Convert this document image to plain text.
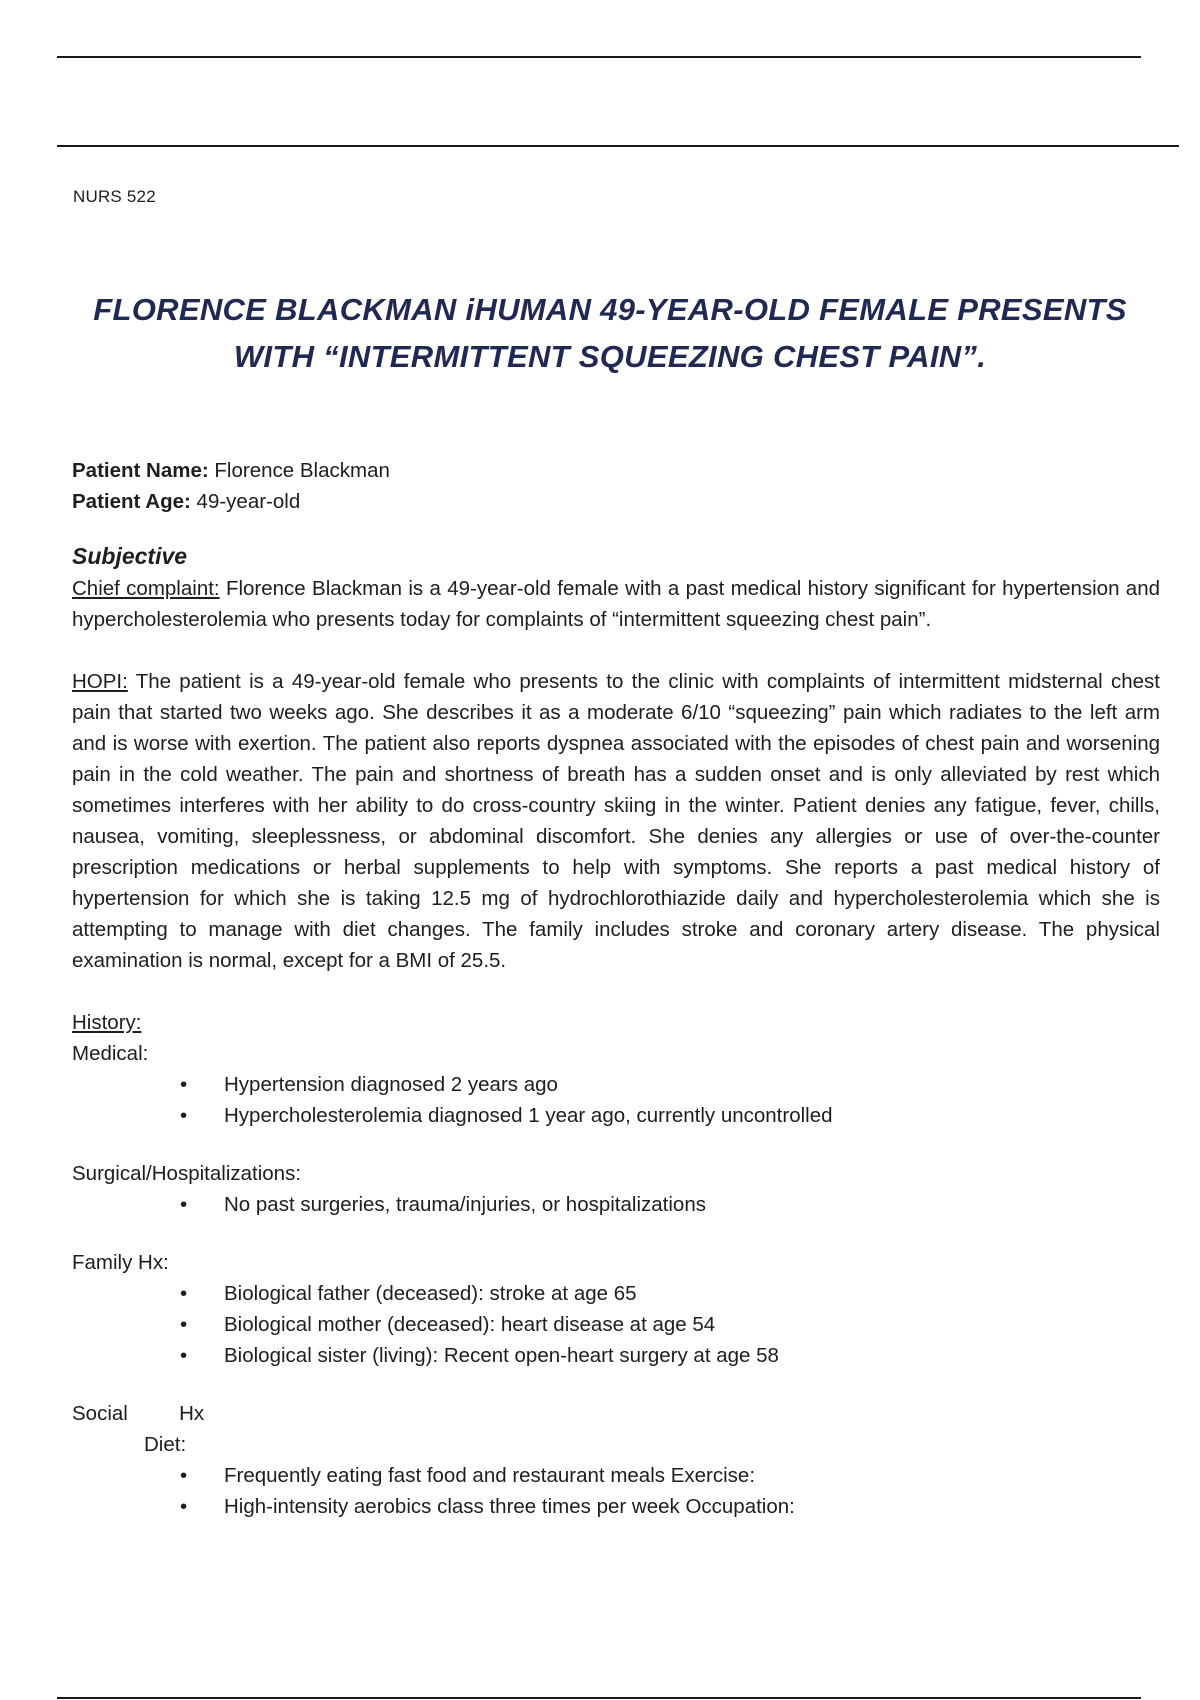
NURS 522
FLORENCE BLACKMAN iHUMAN 49-YEAR-OLD FEMALE PRESENTS
WITH “INTERMITTENT SQUEEZING CHEST PAIN”.

Patient Name: Florence Blackman

Patient Age: 49-year-old

Subjective

Chief complaint: Florence Blackman is a 49-year-old female with a past medical history significant for hypertension and hypercholesterolemia who presents today for complaints of “intermittent squeezing chest pain”.

HOPI: The patient is a 49-year-old female who presents to the clinic with complaints of intermittent midsternal chest pain that started two weeks ago. She describes it as a moderate 6/10 “squeezing” pain which radiates to the left arm and is worse with exertion. The patient also reports dyspnea associated with the episodes of chest pain and worsening pain in the cold weather. The pain and shortness of breath has a sudden onset and is only alleviated by rest which sometimes interferes with her ability to do cross-country skiing in the winter. Patient denies any fatigue, fever, chills, nausea, vomiting, sleeplessness, or abdominal discomfort. She denies any allergies or use of over-the-counter prescription medications or herbal supplements to help with symptoms. She reports a past medical history of hypertension for which she is taking 12.5 mg of hydrochlorothiazide daily and hypercholesterolemia which she is attempting to manage with diet changes. The family includes stroke and coronary artery disease. The physical examination is normal, except for a BMI of 25.5.

History:

Medical:

• Hypertension diagnosed 2 years ago
• Hypercholesterolemia diagnosed 1 year ago, currently uncontrolled

Surgical/Hospitalizations:

• No past surgeries, trauma/injuries, or hospitalizations

Family Hx:

• Biological father (deceased): stroke at age 65
• Biological mother (deceased): heart disease at age 54
• Biological sister (living): Recent open-heart surgery at age 58

Social	Hx

Diet:

• Frequently eating fast food and restaurant meals Exercise:
• High-intensity aerobics class three times per week Occupation:
